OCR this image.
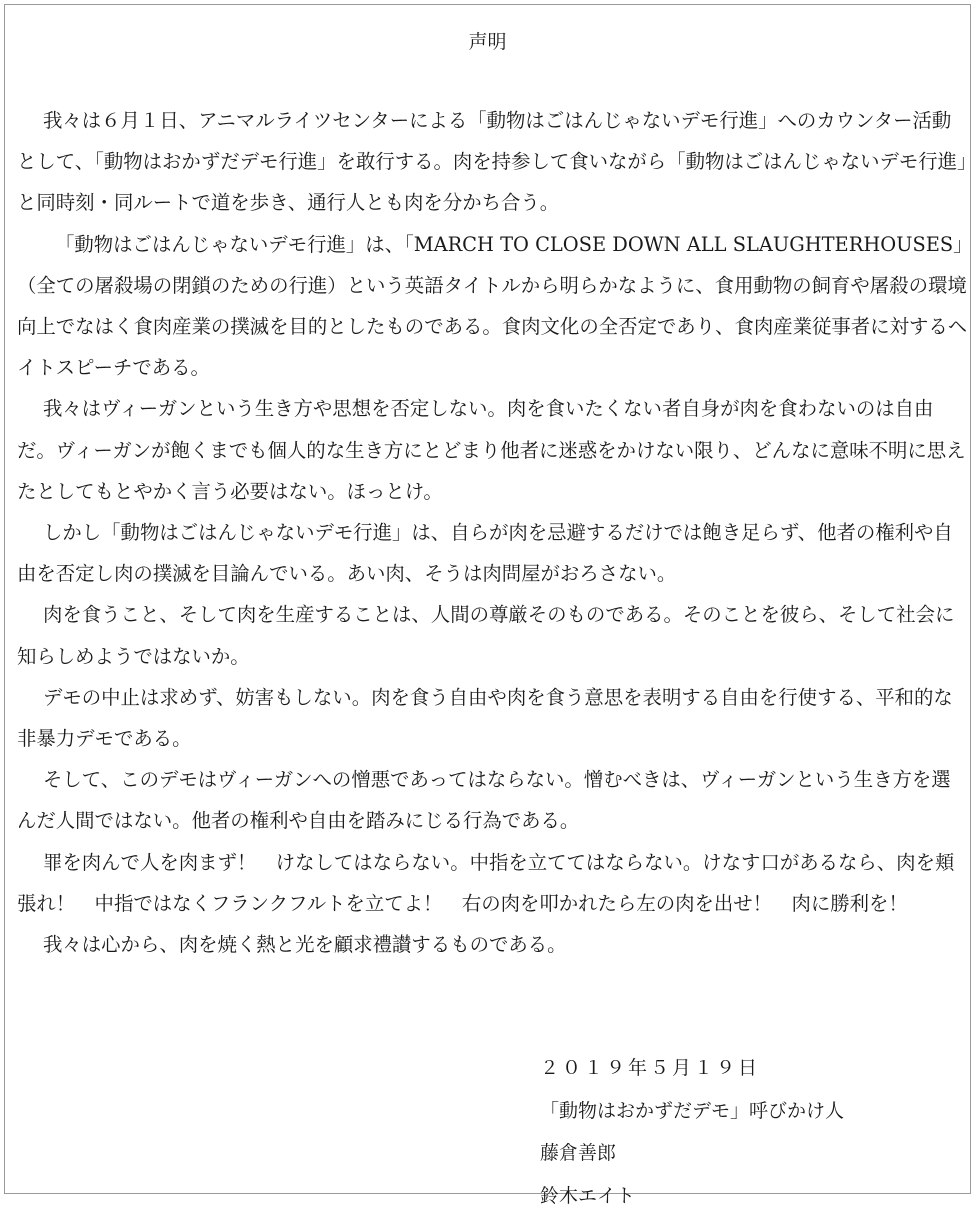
声明

我々は６月１日、アニマルライツセンターによる「動物はごはんじゃないデモ行進」へのカウンター活動として、「動物はおかずだデモ行進」を敢行する。肉を持参して食いながら「動物はごはんじゃないデモ行進」と同時刻・同ルートで道を歩き、通行人とも肉を分かち合う。

「動物はごはんじゃないデモ行進」は、「MARCH TO CLOSE DOWN ALL SLAUGHTERHOUSES」（全ての屠殺場の閉鎖のための行進）という英語タイトルから明らかなように、食用動物の飼育や屠殺の環境向上でなはく食肉産業の撲滅を目的としたものである。食肉文化の全否定であり、食肉産業従事者に対するヘイトスピーチである。

我々はヴィーガンという生き方や思想を否定しない。肉を食いたくない者自身が肉を食わないのは自由だ。ヴィーガンが飽くまでも個人的な生き方にとどまり他者に迷惑をかけない限り、どんなに意味不明に思えたとしてもとやかく言う必要はない。ほっとけ。

しかし「動物はごはんじゃないデモ行進」は、自らが肉を忌避するだけでは飽き足らず、他者の権利や自由を否定し肉の撲滅を目論んでいる。あい肉、そうは肉問屋がおろさない。

肉を食うこと、そして肉を生産することは、人間の尊厳そのものである。そのことを彼ら、そして社会に知らしめようではないか。

デモの中止は求めず、妨害もしない。肉を食う自由や肉を食う意思を表明する自由を行使する、平和的な非暴力デモである。

そして、このデモはヴィーガンへの憎悪であってはならない。憎むべきは、ヴィーガンという生き方を選んだ人間ではない。他者の権利や自由を踏みにじる行為である。

罪を肉んで人を肉まず！　けなしてはならない。中指を立ててはならない。けなす口があるなら、肉を頬張れ！　中指ではなくフランクフルトを立てよ！　右の肉を叩かれたら左の肉を出せ！　肉に勝利を！

我々は心から、肉を焼く熱と光を顧求禮讃するものである。

２０１９年５月１９日
「動物はおかずだデモ」呼びかけ人
藤倉善郎
鈴木エイト
